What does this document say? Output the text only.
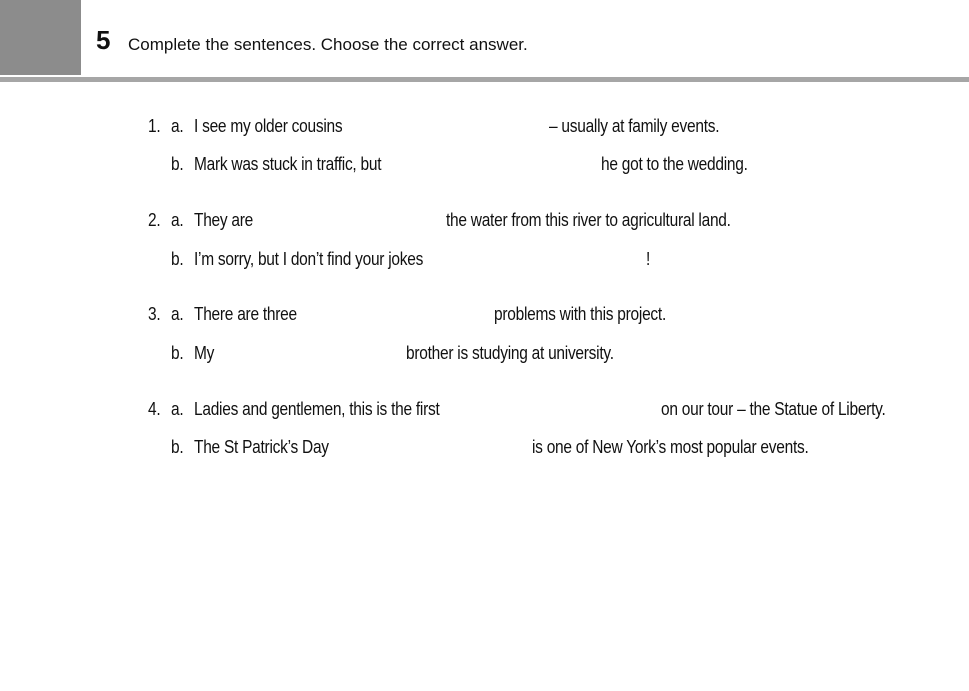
5 Complete the sentences. Choose the correct answer.
1. a. I see my older cousins	– usually at family events.
b. Mark was stuck in traffic, but	he got to the wedding.
2. a. They are	the water from this river to agricultural land.
b. I’m sorry, but I don’t find your jokes	!
3. a. There are three	problems with this project.
b. My	brother is studying at university.
4. a. Ladies and gentlemen, this is the first	on our tour – the Statue of Liberty.
b. The St Patrick’s Day	is one of New York’s most popular events.
